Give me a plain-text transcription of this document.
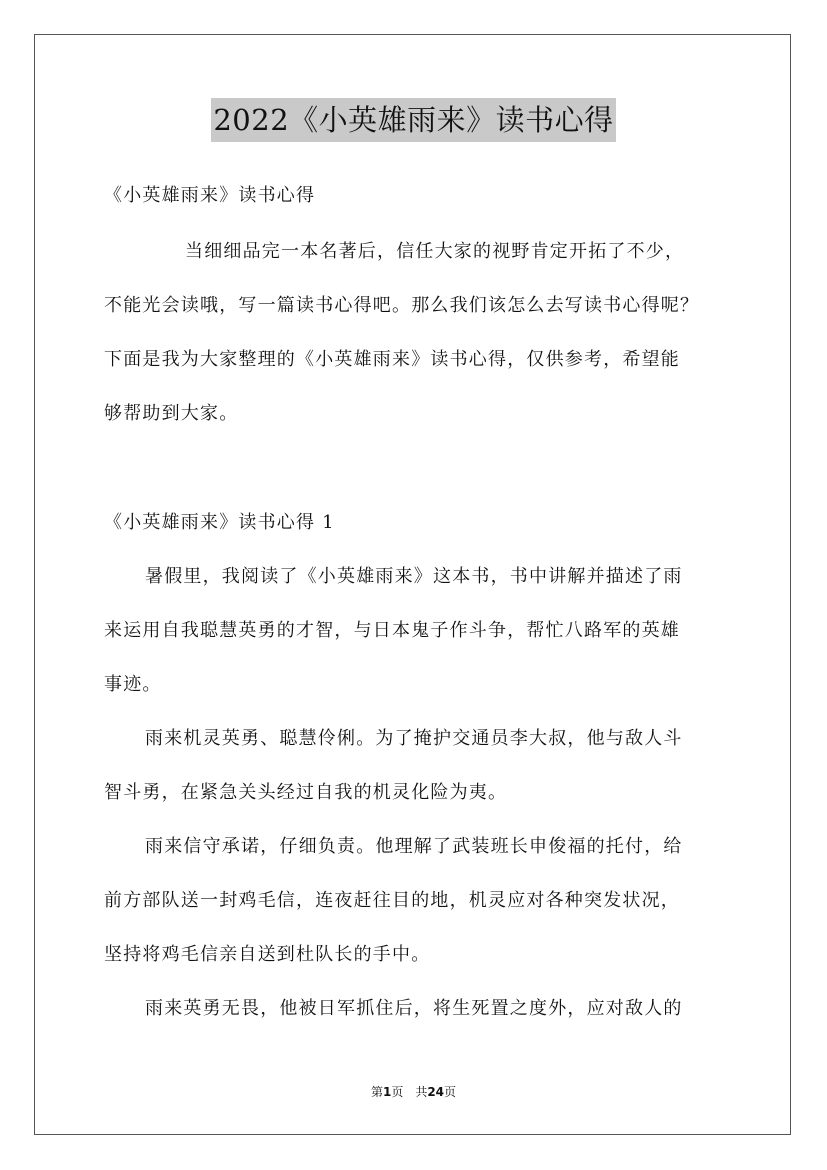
2022《小英雄雨来》读书心得
《小英雄雨来》读书心得
当细细品完一本名著后，信任大家的视野肯定开拓了不少，
不能光会读哦，写一篇读书心得吧。那么我们该怎么去写读书心得呢？
下面是我为大家整理的《小英雄雨来》读书心得，仅供参考，希望能
够帮助到大家。
《小英雄雨来》读书心得 1
暑假里，我阅读了《小英雄雨来》这本书，书中讲解并描述了雨
来运用自我聪慧英勇的才智，与日本鬼子作斗争，帮忙八路军的英雄
事迹。
雨来机灵英勇、聪慧伶俐。为了掩护交通员李大叔，他与敌人斗
智斗勇，在紧急关头经过自我的机灵化险为夷。
雨来信守承诺，仔细负责。他理解了武装班长申俊福的托付，给
前方部队送一封鸡毛信，连夜赶往目的地，机灵应对各种突发状况，
坚持将鸡毛信亲自送到杜队长的手中。
雨来英勇无畏，他被日军抓住后，将生死置之度外，应对敌人的
第1页　共24页
